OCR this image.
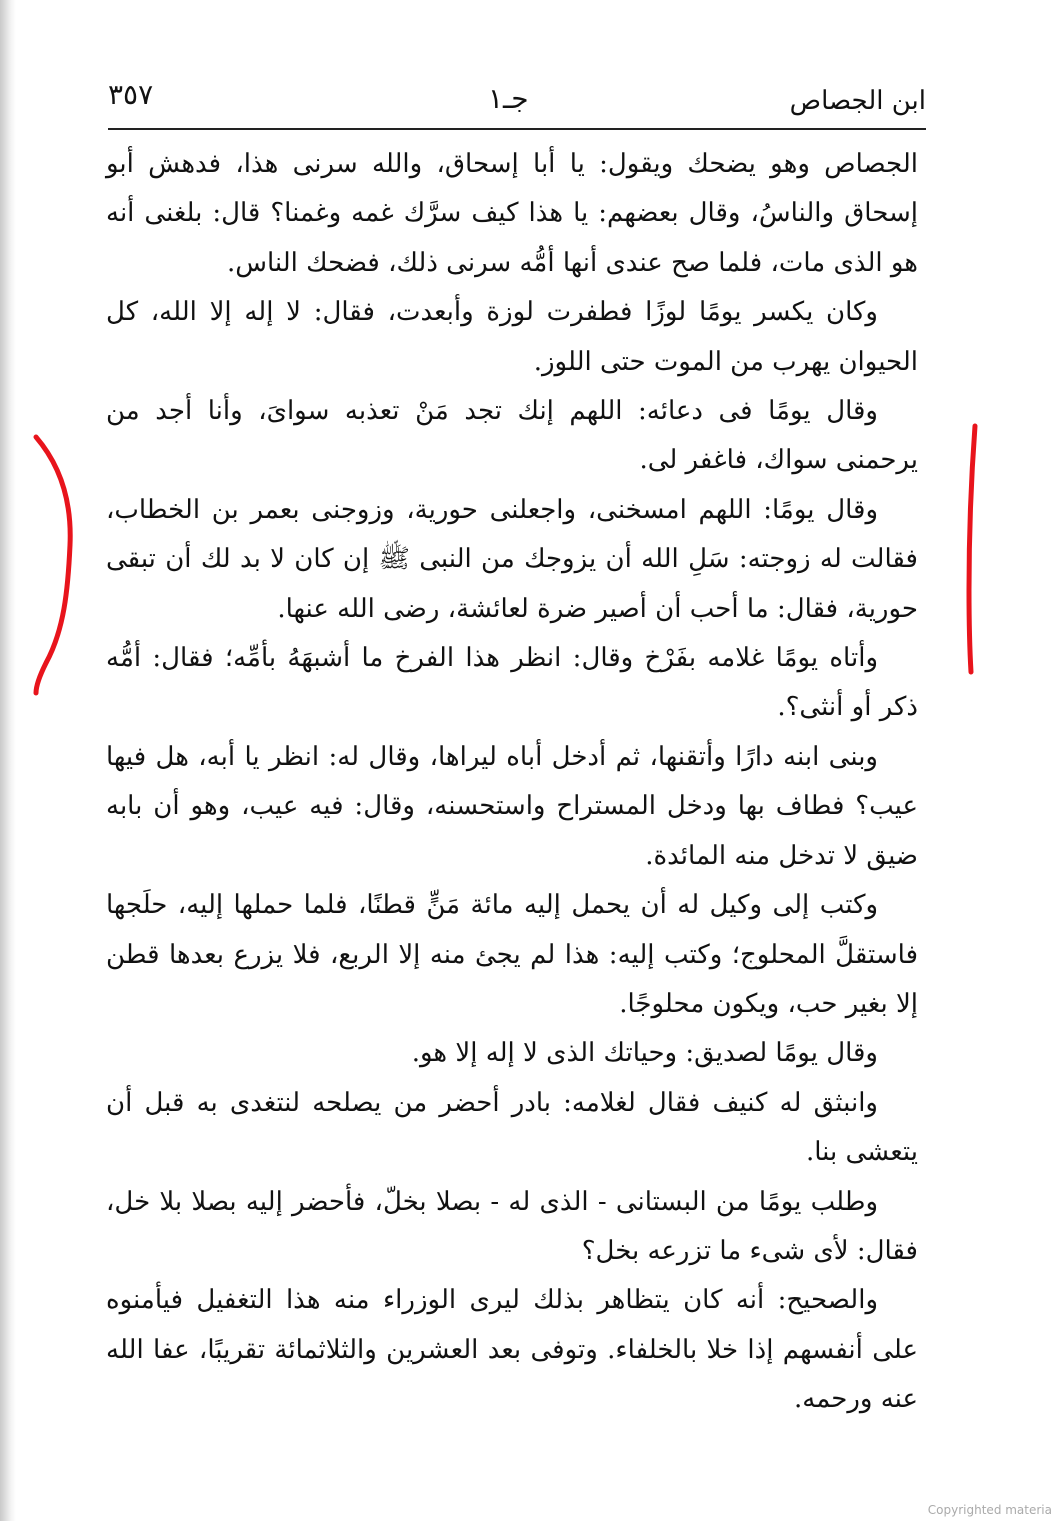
ابن الجصاص
جـ١
٣٥٧

الجصاص وهو يضحك ويقول: يا أبا إسحاق، والله سرنى هذا، فدهش أبو إسحاق والناسُ، وقال بعضهم: يا هذا كيف سرَّك غمه وغمنا؟ قال: بلغنى أنه هو الذى مات، فلما صح عندى أنها أمُّه سرنى ذلك، فضحك الناس.

وكان يكسر يومًا لوزًا فطفرت لوزة وأبعدت، فقال: لا إله إلا الله، كل الحيوان يهرب من الموت حتى اللوز.

وقال يومًا فى دعائه: اللهم إنك تجد مَنْ تعذبه سوایَ، وأنا أجد من يرحمنى سواك، فاغفر لى.

وقال يومًا: اللهم امسخنى، واجعلنى حورية، وزوجنى بعمر بن الخطاب، فقالت له زوجته: سَلِ الله أن يزوجك من النبى ﷺ إن كان لا بد لك أن تبقى حورية، فقال: ما أحب أن أصير ضرة لعائشة، رضى الله عنها.

وأتاه يومًا غلامه بفَرْخ وقال: انظر هذا الفرخ ما أشبهَهُ بأمِّه؛ فقال: أمُّه ذكر أو أنثى؟.

وبنى ابنه دارًا وأتقنها، ثم أدخل أباه ليراها، وقال له: انظر يا أبه، هل فيها عيب؟ فطاف بها ودخل المستراح واستحسنه، وقال: فيه عيب، وهو أن بابه ضيق لا تدخل منه المائدة.

وكتب إلى وكيل له أن يحمل إليه مائة مَنٍّ قطنًا، فلما حملها إليه، حلَجها فاستقلَّ المحلوج؛ وكتب إليه: هذا لم يجئ منه إلا الربع، فلا يزرع بعدها قطن إلا بغير حب، ويكون محلوجًا.

وقال يومًا لصديق: وحياتك الذى لا إله إلا هو.

وانبثق له كنيف فقال لغلامه: بادر أحضر من يصلحه لنتغدى به قبل أن يتعشى بنا.

وطلب يومًا من البستانى - الذى له - بصلا بخلّ، فأحضر إليه بصلا بلا خل، فقال: لأى شىء ما تزرعه بخل؟

والصحيح: أنه كان يتظاهر بذلك ليرى الوزراء منه هذا التغفيل فيأمنوه على أنفسهم إذا خلا بالخلفاء. وتوفى بعد العشرين والثلاثمائة تقريبًا، عفا الله عنه ورحمه.

Copyrighted materia
